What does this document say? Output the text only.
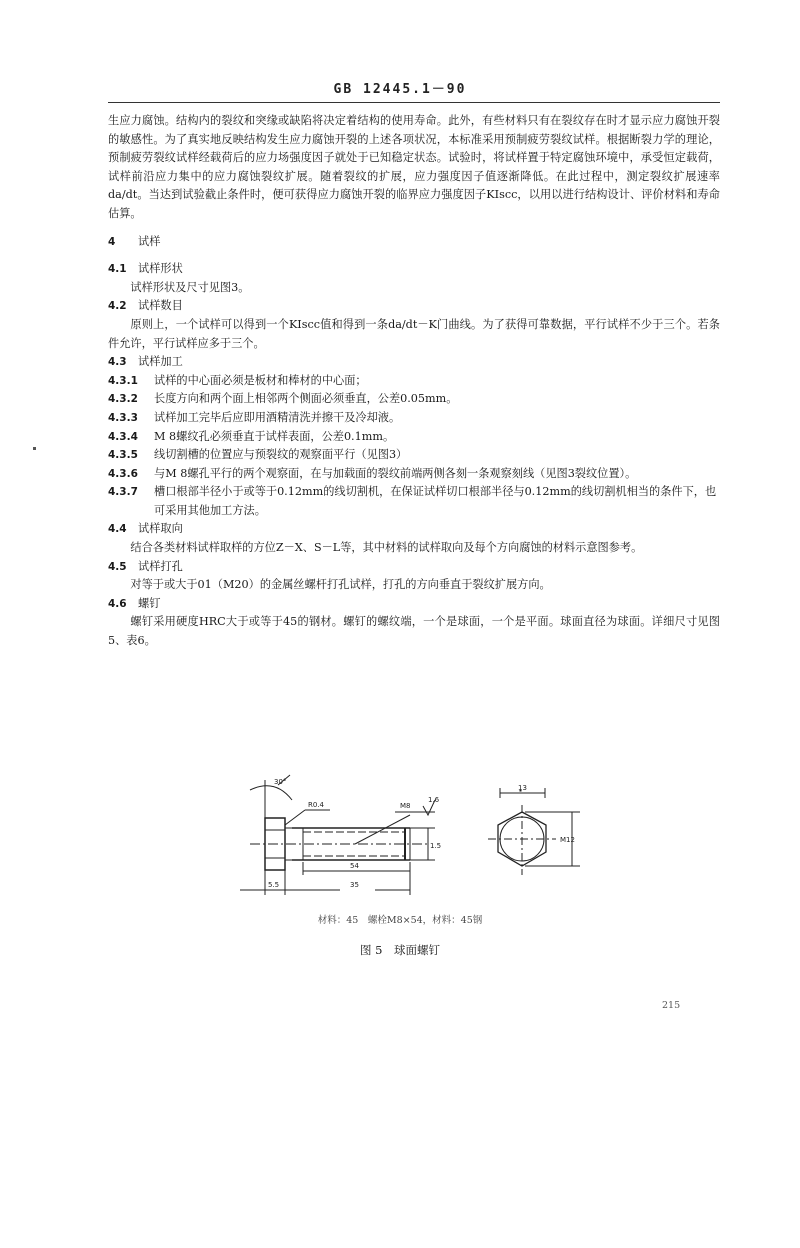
GB 12445.1－90

生应力腐蚀。结构内的裂纹和突缘或缺陷将决定着结构的使用寿命。此外，有些材料只有在裂纹存在时才显示应力腐蚀开裂的敏感性。为了真实地反映结构发生应力腐蚀开裂的上述各项状况，本标准采用预制疲劳裂纹试样。根据断裂力学的理论，预制疲劳裂纹试样经载荷后的应力场强度因子就处于已知稳定状态。试验时，将试样置于特定腐蚀环境中，承受恒定载荷，试样前沿应力集中的应力腐蚀裂纹扩展。随着裂纹的扩展，应力强度因子值逐渐降低。在此过程中，测定裂纹扩展速率da/dt。当达到试验截止条件时，便可获得应力腐蚀开裂的临界应力强度因子KIscc，以用以进行结构设计、评价材料和寿命估算。

4	试样

4.1	试样形状

试样形状及尺寸见图3。

4.2	试样数目

原则上，一个试样可以得到一个KIscc值和得到一条da/dt－K门曲线。为了获得可靠数据，平行试样不少于三个。若条件允许，平行试样应多于三个。

4.3	试样加工

4.3.1	试样的中心面必须是板材和棒材的中心面；

4.3.2	长度方向和两个面上相邻两个侧面必须垂直，公差0.05mm。

4.3.3	试样加工完毕后应即用酒精清洗并擦干及冷却液。

4.3.4	M 8螺纹孔必须垂直于试样表面，公差0.1mm。

4.3.5	线切割槽的位置应与预裂纹的观察面平行（见图3）

4.3.6	与M 8螺孔平行的两个观察面，在与加载面的裂纹前端两侧各刻一条观察刻线（见图3裂纹位置）。

4.3.7	槽口根部半径小于或等于0.12mm的线切割机，在保证试样切口根部半径与0.12mm的线切割机相当的条件下，也可采用其他加工方法。

4.4	试样取向

结合各类材料试样取样的方位Z－X、S－L等，其中材料的试样取向及每个方向腐蚀的材料示意图参考。

4.5	试样打孔

对等于或大于01（M20）的金属丝螺杆打孔试样，打孔的方向垂直于裂纹扩展方向。

4.6	螺钉

螺钉采用硬度HRC大于或等于45的钢材。螺钉的螺纹端，一个是球面，一个是平面。球面直径为球面。详细尺寸见图5、表6。

30°
R0.4
1.6
M8
54
35
5.5
1.5
13
M12
材料：45　螺栓M8×54，材料：45钢
图 5　球面螺钉
215
